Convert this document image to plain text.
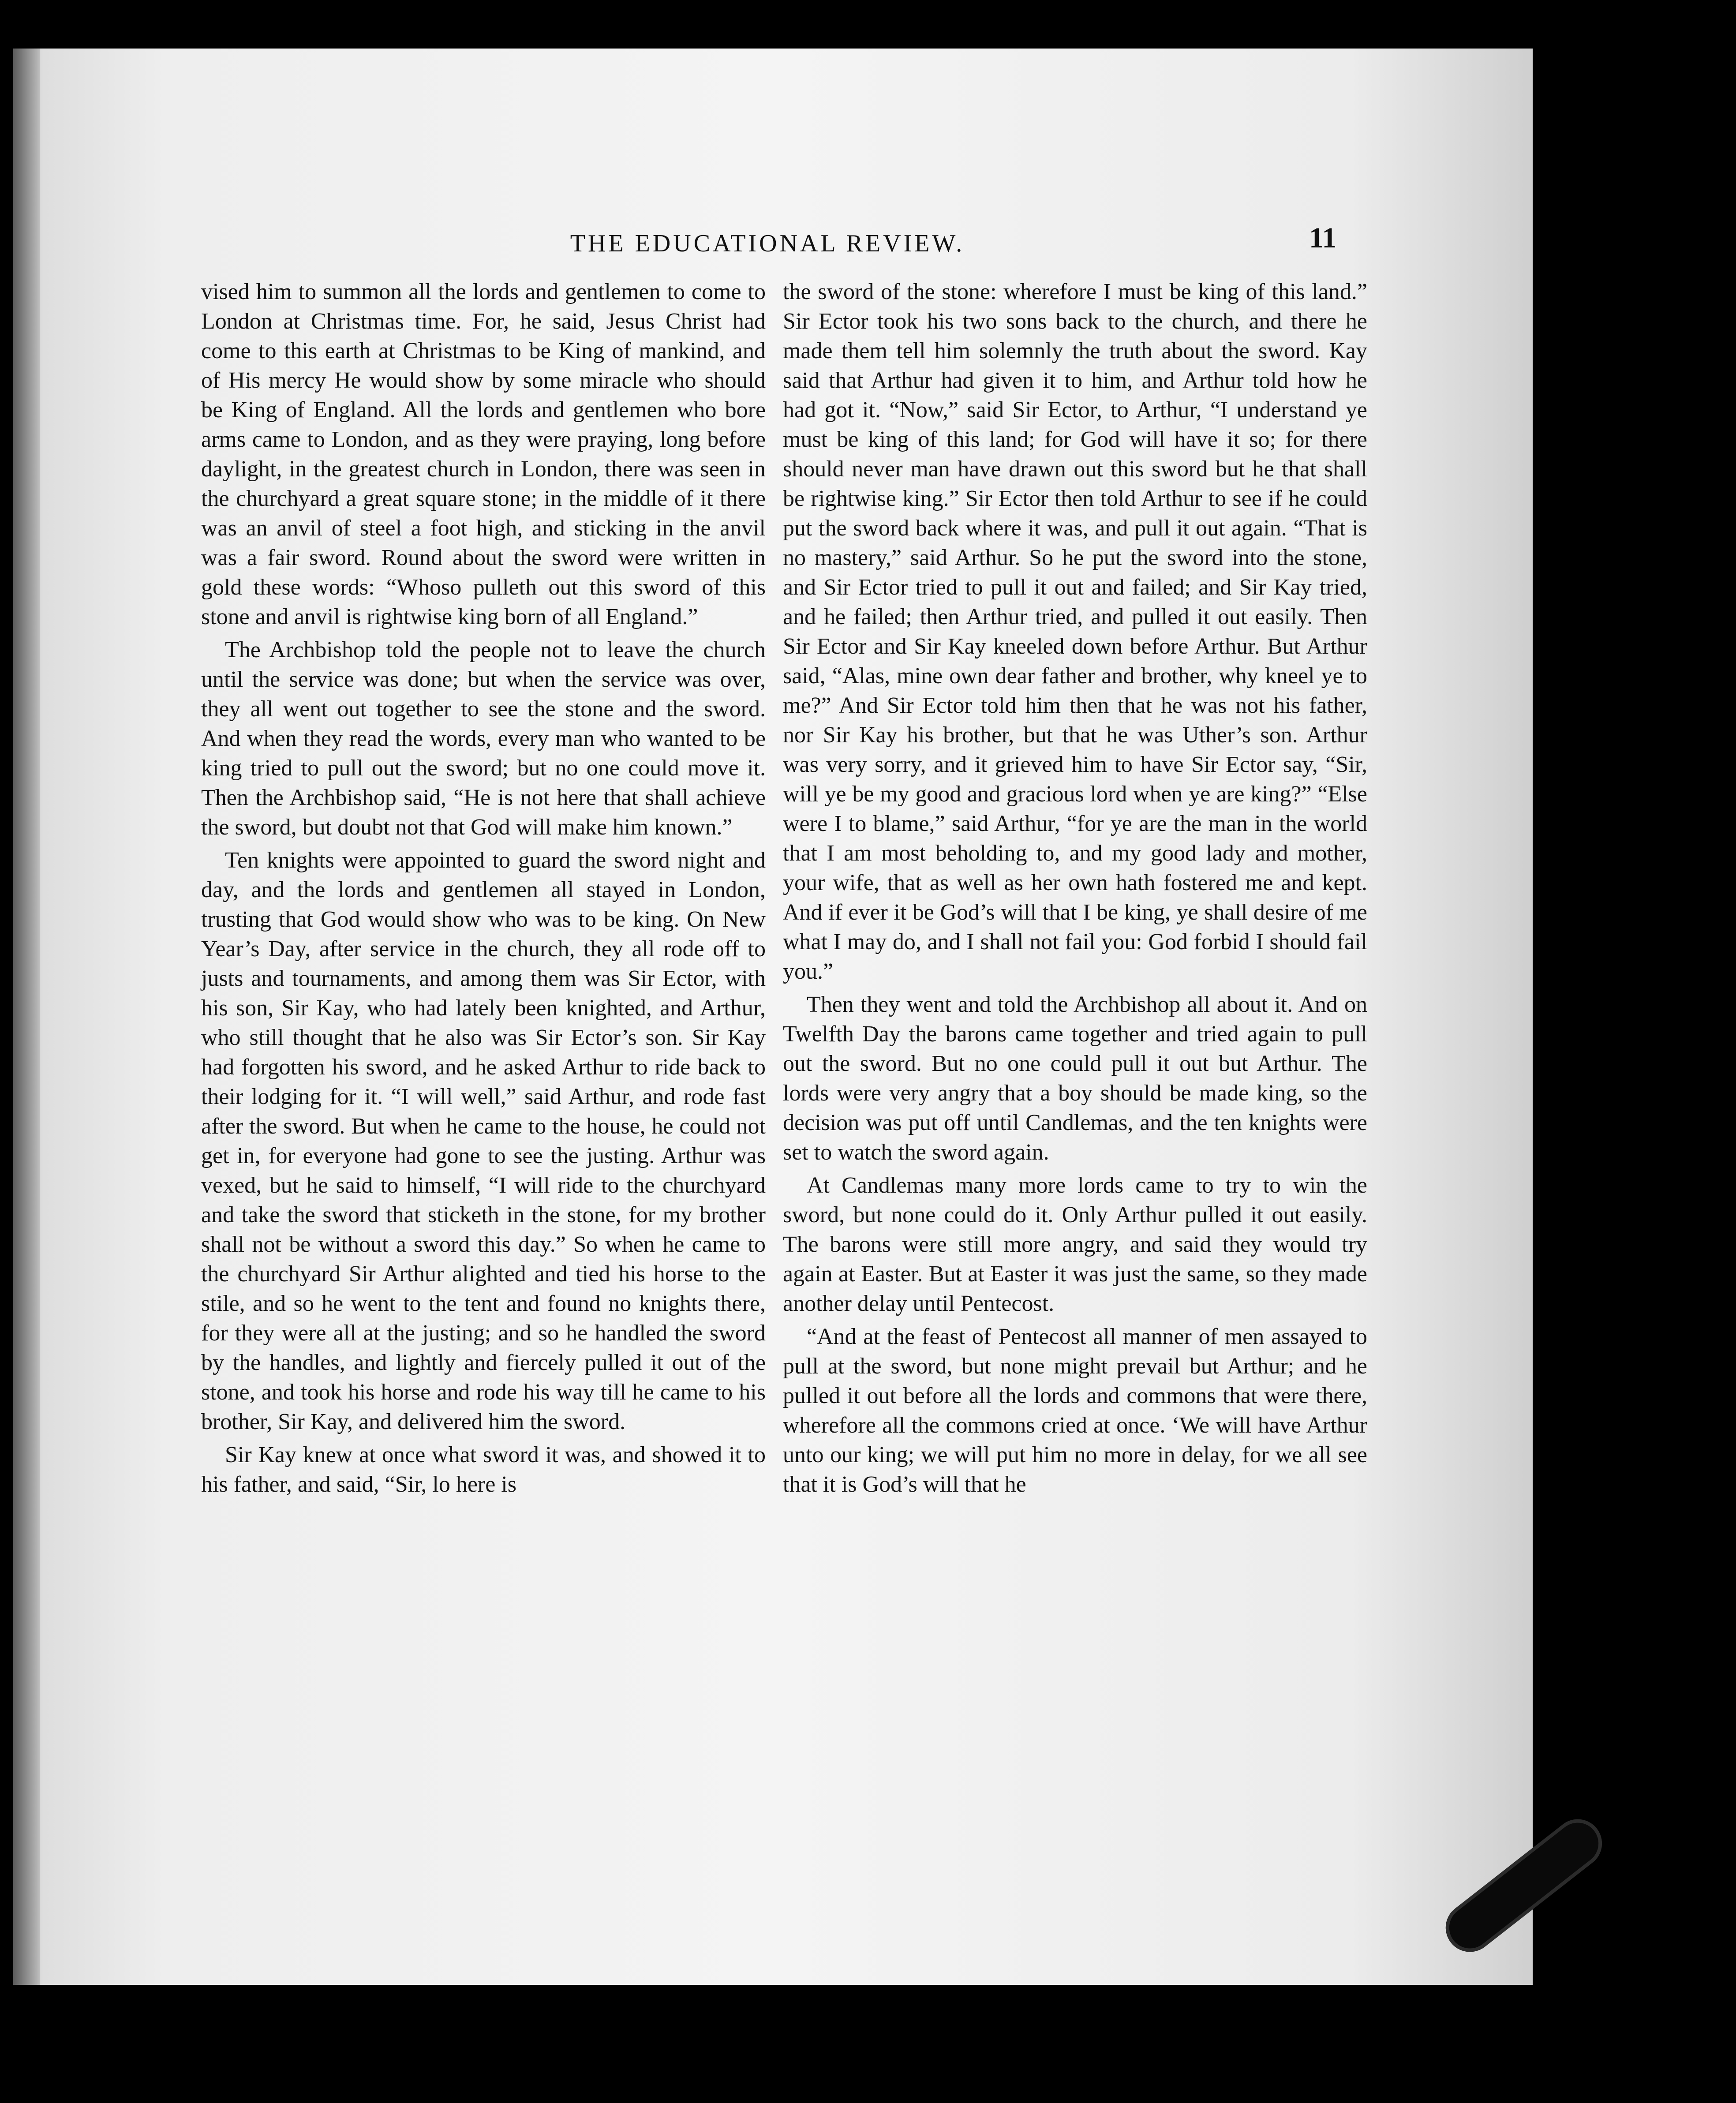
THE EDUCATIONAL REVIEW.	11

vised him to summon all the lords and gentlemen to come to London at Christmas time. For, he said, Jesus Christ had come to this earth at Christmas to be King of mankind, and of His mercy He would show by some miracle who should be King of England. All the lords and gentlemen who bore arms came to London, and as they were praying, long before daylight, in the greatest church in London, there was seen in the churchyard a great square stone; in the middle of it there was an anvil of steel a foot high, and sticking in the anvil was a fair sword. Round about the sword were written in gold these words: “Whoso pulleth out this sword of this stone and anvil is rightwise king born of all England.”

The Archbishop told the people not to leave the church until the service was done; but when the service was over, they all went out together to see the stone and the sword. And when they read the words, every man who wanted to be king tried to pull out the sword; but no one could move it. Then the Archbishop said, “He is not here that shall achieve the sword, but doubt not that God will make him known.”

Ten knights were appointed to guard the sword night and day, and the lords and gentlemen all stayed in London, trusting that God would show who was to be king. On New Year’s Day, after service in the church, they all rode off to justs and tournaments, and among them was Sir Ector, with his son, Sir Kay, who had lately been knighted, and Arthur, who still thought that he also was Sir Ector’s son. Sir Kay had forgotten his sword, and he asked Arthur to ride back to their lodging for it. “I will well,” said Arthur, and rode fast after the sword. But when he came to the house, he could not get in, for everyone had gone to see the justing. Arthur was vexed, but he said to himself, “I will ride to the churchyard and take the sword that sticketh in the stone, for my brother shall not be without a sword this day.” So when he came to the churchyard Sir Arthur alighted and tied his horse to the stile, and so he went to the tent and found no knights there, for they were all at the justing; and so he handled the sword by the handles, and lightly and fiercely pulled it out of the stone, and took his horse and rode his way till he came to his brother, Sir Kay, and delivered him the sword.

Sir Kay knew at once what sword it was, and showed it to his father, and said, “Sir, lo here is

the sword of the stone: wherefore I must be king of this land.” Sir Ector took his two sons back to the church, and there he made them tell him solemnly the truth about the sword. Kay said that Arthur had given it to him, and Arthur told how he had got it. “Now,” said Sir Ector, to Arthur, “I understand ye must be king of this land; for God will have it so; for there should never man have drawn out this sword but he that shall be rightwise king.” Sir Ector then told Arthur to see if he could put the sword back where it was, and pull it out again. “That is no mastery,” said Arthur. So he put the sword into the stone, and Sir Ector tried to pull it out and failed; and Sir Kay tried, and he failed; then Arthur tried, and pulled it out easily. Then Sir Ector and Sir Kay kneeled down before Arthur. But Arthur said, “Alas, mine own dear father and brother, why kneel ye to me?” And Sir Ector told him then that he was not his father, nor Sir Kay his brother, but that he was Uther’s son. Arthur was very sorry, and it grieved him to have Sir Ector say, “Sir, will ye be my good and gracious lord when ye are king?” “Else were I to blame,” said Arthur, “for ye are the man in the world that I am most beholding to, and my good lady and mother, your wife, that as well as her own hath fostered me and kept. And if ever it be God’s will that I be king, ye shall desire of me what I may do, and I shall not fail you: God forbid I should fail you.”

Then they went and told the Archbishop all about it. And on Twelfth Day the barons came together and tried again to pull out the sword. But no one could pull it out but Arthur. The lords were very angry that a boy should be made king, so the decision was put off until Candlemas, and the ten knights were set to watch the sword again.

At Candlemas many more lords came to try to win the sword, but none could do it. Only Arthur pulled it out easily. The barons were still more angry, and said they would try again at Easter. But at Easter it was just the same, so they made another delay until Pentecost.

“And at the feast of Pentecost all manner of men assayed to pull at the sword, but none might prevail but Arthur; and he pulled it out before all the lords and commons that were there, wherefore all the commons cried at once. ‘We will have Arthur unto our king; we will put him no more in delay, for we all see that it is God’s will that he
